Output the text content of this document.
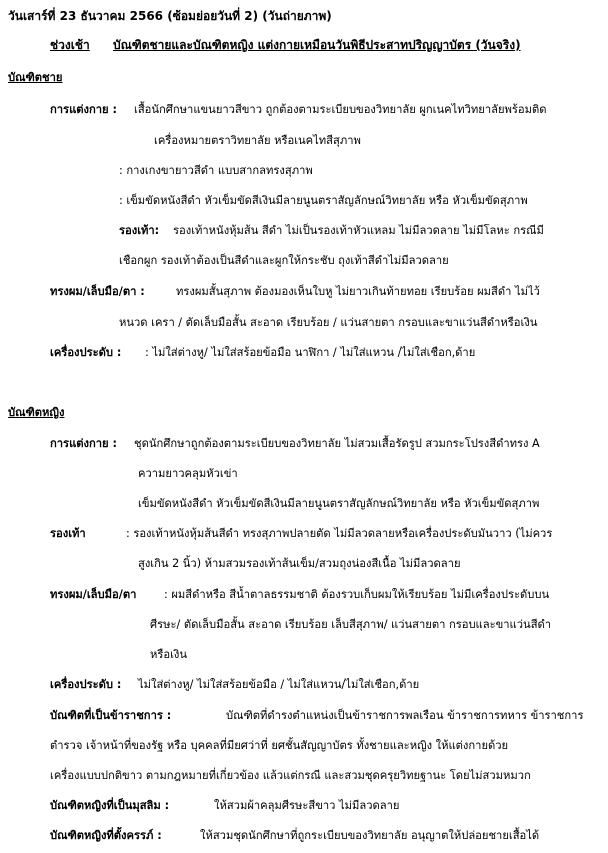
วันเสาร์ที่ 23 ธันวาคม 2566 (ซ้อมย่อยวันที่ 2) (วันถ่ายภาพ)
ช่วงเช้า บัณฑิตชายและบัณฑิตหญิง แต่งกายเหมือนวันพิธีประสาทปริญญาบัตร (วันจริง)
บัณฑิตชาย
การแต่งกาย : เสื้อนักศึกษาแขนยาวสีขาว ถูกต้องตามระเบียบของวิทยาลัย ผูกเนคไทวิทยาลัยพร้อมติด
เครื่องหมายตราวิทยาลัย หรือเนคไทสีสุภาพ
: กางเกงขายาวสีดำ แบบสากลทรงสุภาพ
: เข็มขัดหนังสีดำ หัวเข็มขัดสีเงินมีลายนูนตราสัญลักษณ์วิทยาลัย หรือ หัวเข็มขัดสุภาพ
รองเท้า: รองเท้าหนังหุ้มส้น สีดำ ไม่เป็นรองเท้าหัวแหลม ไม่มีลวดลาย ไม่มีโลหะ กรณีมี
เชือกผูก รองเท้าต้องเป็นสีดำและผูกให้กระชับ ถุงเท้าสีดำไม่มีลวดลาย
ทรงผม/เล็บมือ/ตา :	ทรงผมสั้นสุภาพ ต้องมองเห็นใบหู ไม่ยาวเกินท้ายทอย เรียบร้อย ผมสีดำ ไม่ไว้
หนวด เครา / ตัดเล็บมือสั้น สะอาด เรียบร้อย / แว่นสายตา กรอบและขาแว่นสีดำหรือเงิน
เครื่องประดับ : : ไม่ใส่ต่างหู/ ไม่ใส่สร้อยข้อมือ นาฬิกา / ไม่ใส่แหวน /ไม่ใส่เชือก,ด้าย
บัณฑิตหญิง
การแต่งกาย : ชุดนักศึกษาถูกต้องตามระเบียบของวิทยาลัย ไม่สวมเสื้อรัดรูป สวมกระโปรงสีดำทรง A
ความยาวคลุมหัวเข่า
เข็มขัดหนังสีดำ หัวเข็มขัดสีเงินมีลายนูนตราสัญลักษณ์วิทยาลัย หรือ หัวเข็มขัดสุภาพ
รองเท้า	: รองเท้าหนังหุ้มส้นสีดำ ทรงสุภาพปลายตัด ไม่มีลวดลายหรือเครื่องประดับมันวาว (ไม่ควร
สูงเกิน 2 นิ้ว) ห้ามสวมรองเท้าส้นเข็ม/สวมถุงน่องสีเนื้อ ไม่มีลวดลาย
ทรงผม/เล็บมือ/ตา : ผมสีดำหรือ สีน้ำตาลธรรมชาติ ต้องรวบเก็บผมให้เรียบร้อย ไม่มีเครื่องประดับบน
ศีรษะ/ ตัดเล็บมือสั้น สะอาด เรียบร้อย เล็บสีสุภาพ/ แว่นสายตา กรอบและขาแว่นสีดำ
หรือเงิน
เครื่องประดับ : ไม่ใส่ต่างหู/ ไม่ใส่สร้อยข้อมือ / ไม่ใส่แหวน/ไม่ใส่เชือก,ด้าย
บัณฑิตที่เป็นข้าราชการ :	บัณฑิตที่ดำรงตำแหน่งเป็นข้าราชการพลเรือน ข้าราชการทหาร ข้าราชการ
ตำรวจ เจ้าหน้าที่ของรัฐ หรือ บุคคลที่มียศว่าที่ ยศชั้นสัญญาบัตร ทั้งชายและหญิง ให้แต่งกายด้วย
เครื่องแบบปกติขาว ตามกฎหมายที่เกี่ยวข้อง แล้วแต่กรณี และสวมชุดครุยวิทยฐานะ โดยไม่สวมหมวก
บัณฑิตหญิงที่เป็นมุสลิม :	ให้สวมผ้าคลุมศีรษะสีขาว ไม่มีลวดลาย
บัณฑิตหญิงที่ตั้งครรภ์ :	ให้สวมชุดนักศึกษาที่ถูกระเบียบของวิทยาลัย อนุญาตให้ปล่อยชายเสื้อได้
